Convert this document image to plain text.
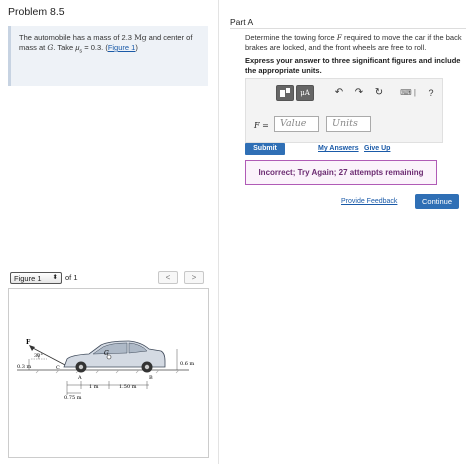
Problem 8.5
The automobile has a mass of 2.3 Mg and center of mass at G. Take $\mu_s = 0.3$. (Figure 1)
Figure 1 ⬍ of 1	<	>
F
30°
0.3 m	C
G
0.6 m
A	B
1 m	1.50 m
0.75 m
Part A
Determine the towing force F required to move the car if the back brakes are locked, and the front wheels are free to roll.
Express your answer to three significant figures and include the appropriate units.
μA	↶ ↷ ↻	⌨ |	?
F =	Value	Units
Submit	My Answers Give Up
Incorrect; Try Again; 27 attempts remaining
Provide Feedback	Continue
